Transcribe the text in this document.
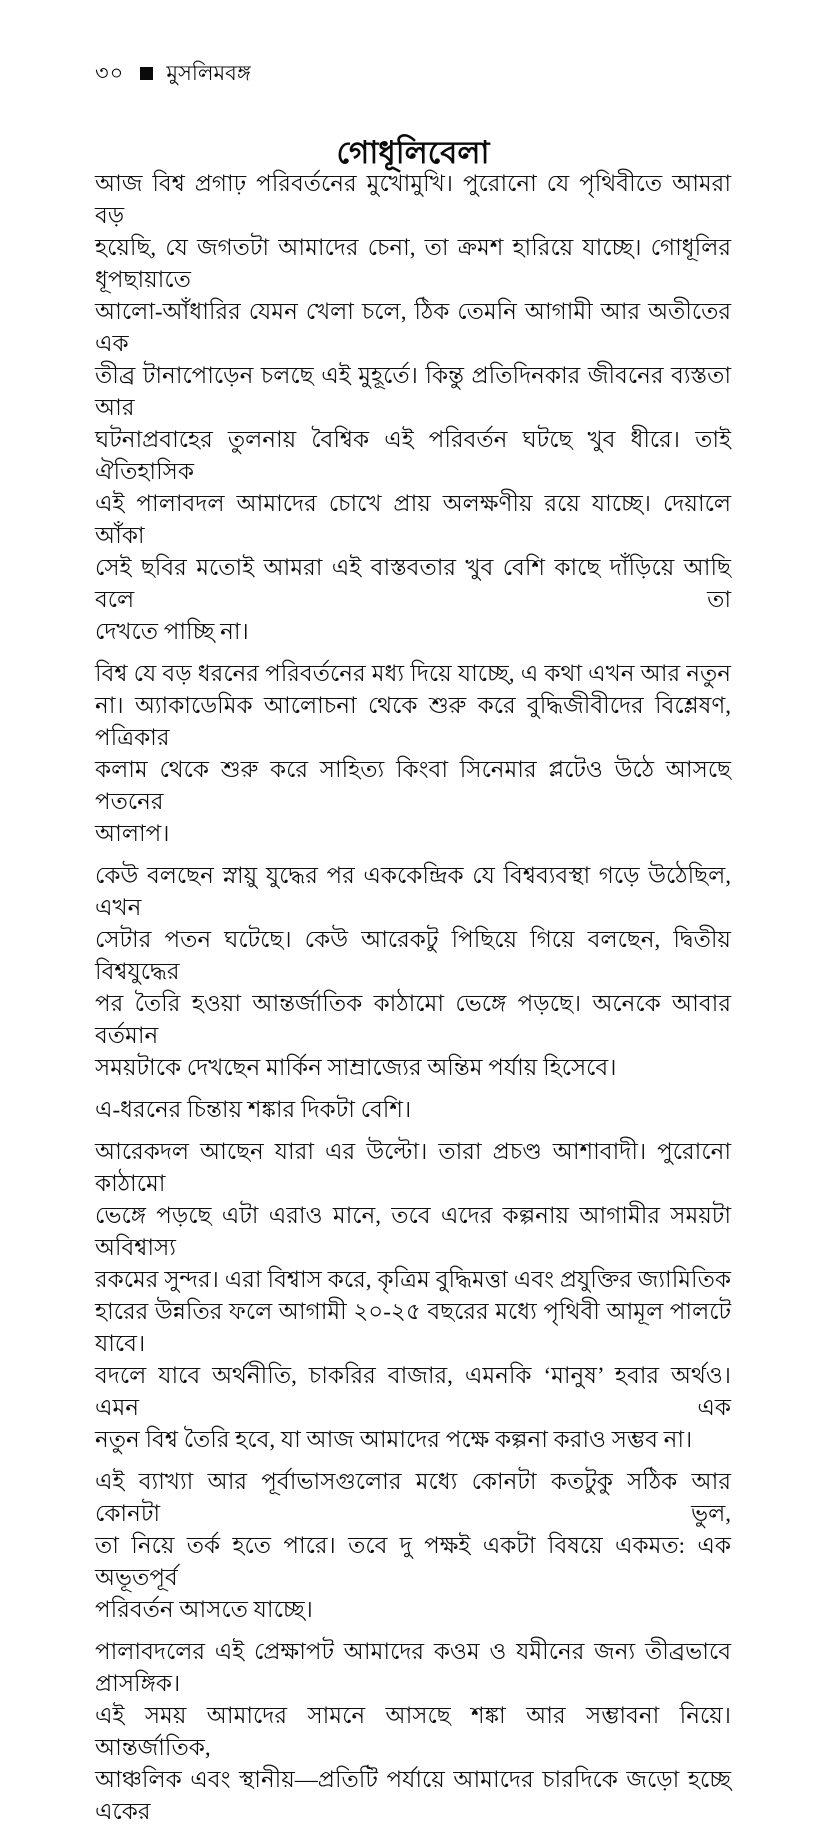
৩০ মুসলিমবঙ্গ
গোধূলিবেলা
আজ বিশ্ব প্রগাঢ় পরিবর্তনের মুখোমুখি। পুরোনো যে পৃথিবীতে আমরা বড়
হয়েছি, যে জগতটা আমাদের চেনা, তা ক্রমশ হারিয়ে যাচ্ছে। গোধূলির ধূপছায়াতে
আলো-আঁধারির যেমন খেলা চলে, ঠিক তেমনি আগামী আর অতীতের এক
তীব্র টানাপোড়েন চলছে এই মুহূর্তে। কিন্তু প্রতিদিনকার জীবনের ব্যস্ততা আর
ঘটনাপ্রবাহের তুলনায় বৈশ্বিক এই পরিবর্তন ঘটছে খুব ধীরে। তাই ঐতিহাসিক
এই পালাবদল আমাদের চোখে প্রায় অলক্ষণীয় রয়ে যাচ্ছে। দেয়ালে আঁকা
সেই ছবির মতোই আমরা এই বাস্তবতার খুব বেশি কাছে দাঁড়িয়ে আছি বলে তা
দেখতে পাচ্ছি না।
বিশ্ব যে বড় ধরনের পরিবর্তনের মধ্য দিয়ে যাচ্ছে, এ কথা এখন আর নতুন
না। অ্যাকাডেমিক আলোচনা থেকে শুরু করে বুদ্ধিজীবীদের বিশ্লেষণ, পত্রিকার
কলাম থেকে শুরু করে সাহিত্য কিংবা সিনেমার প্লটেও উঠে আসছে পতনের
আলাপ।
কেউ বলছেন স্নায়ু যুদ্ধের পর এককেন্দ্রিক যে বিশ্বব্যবস্থা গড়ে উঠেছিল, এখন
সেটার পতন ঘটেছে। কেউ আরেকটু পিছিয়ে গিয়ে বলছেন, দ্বিতীয় বিশ্বযুদ্ধের
পর তৈরি হওয়া আন্তর্জাতিক কাঠামো ভেঙ্গে পড়ছে। অনেকে আবার বর্তমান
সময়টাকে দেখছেন মার্কিন সাম্রাজ্যের অন্তিম পর্যায় হিসেবে।
এ-ধরনের চিন্তায় শঙ্কার দিকটা বেশি।
আরেকদল আছেন যারা এর উল্টো। তারা প্রচণ্ড আশাবাদী। পুরোনো কাঠামো
ভেঙ্গে পড়ছে এটা এরাও মানে, তবে এদের কল্পনায় আগামীর সময়টা অবিশ্বাস্য
রকমের সুন্দর। এরা বিশ্বাস করে, কৃত্রিম বুদ্ধিমত্তা এবং প্রযুক্তির জ্যামিতিক
হারের উন্নতির ফলে আগামী ২০-২৫ বছরের মধ্যে পৃথিবী আমূল পালটে যাবে।
বদলে যাবে অর্থনীতি, চাকরির বাজার, এমনকি ‘মানুষ’ হবার অর্থও। এমন এক
নতুন বিশ্ব তৈরি হবে, যা আজ আমাদের পক্ষে কল্পনা করাও সম্ভব না।
এই ব্যাখ্যা আর পূর্বাভাসগুলোর মধ্যে কোনটা কতটুকু সঠিক আর কোনটা ভুল,
তা নিয়ে তর্ক হতে পারে। তবে দু পক্ষই একটা বিষয়ে একমত: এক অভূতপূর্ব
পরিবর্তন আসতে যাচ্ছে।
পালাবদলের এই প্রেক্ষাপট আমাদের কওম ও যমীনের জন্য তীব্রভাবে প্রাসঙ্গিক।
এই সময় আমাদের সামনে আসছে শঙ্কা আর সম্ভাবনা নিয়ে। আন্তর্জাতিক,
আঞ্চলিক এবং স্থানীয়—প্রতিটি পর্যায়ে আমাদের চারদিকে জড়ো হচ্ছে একের
